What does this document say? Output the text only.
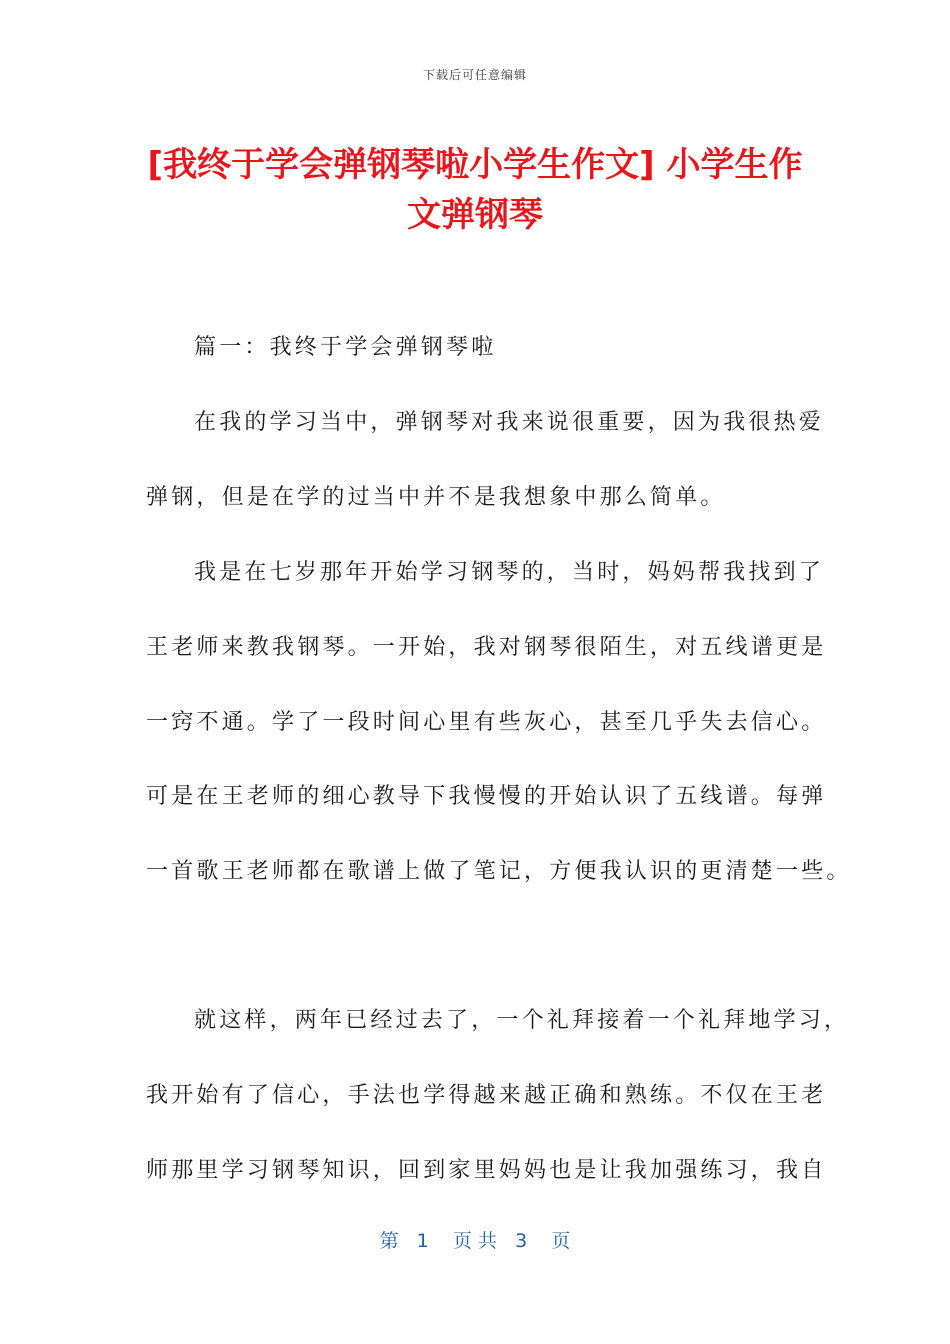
下载后可任意编辑
[我终于学会弹钢琴啦小学生作文] 小学生作
文弹钢琴
篇一：我终于学会弹钢琴啦
在我的学习当中，弹钢琴对我来说很重要，因为我很热爱
弹钢，但是在学的过当中并不是我想象中那么简单。
我是在七岁那年开始学习钢琴的，当时，妈妈帮我找到了
王老师来教我钢琴。一开始，我对钢琴很陌生，对五线谱更是
一窍不通。学了一段时间心里有些灰心，甚至几乎失去信心。
可是在王老师的细心教导下我慢慢的开始认识了五线谱。每弹
一首歌王老师都在歌谱上做了笔记，方便我认识的更清楚一些。
就这样，两年已经过去了，一个礼拜接着一个礼拜地学习，
我开始有了信心，手法也学得越来越正确和熟练。不仅在王老
师那里学习钢琴知识，回到家里妈妈也是让我加强练习，我自
第   1    页 共   3    页
